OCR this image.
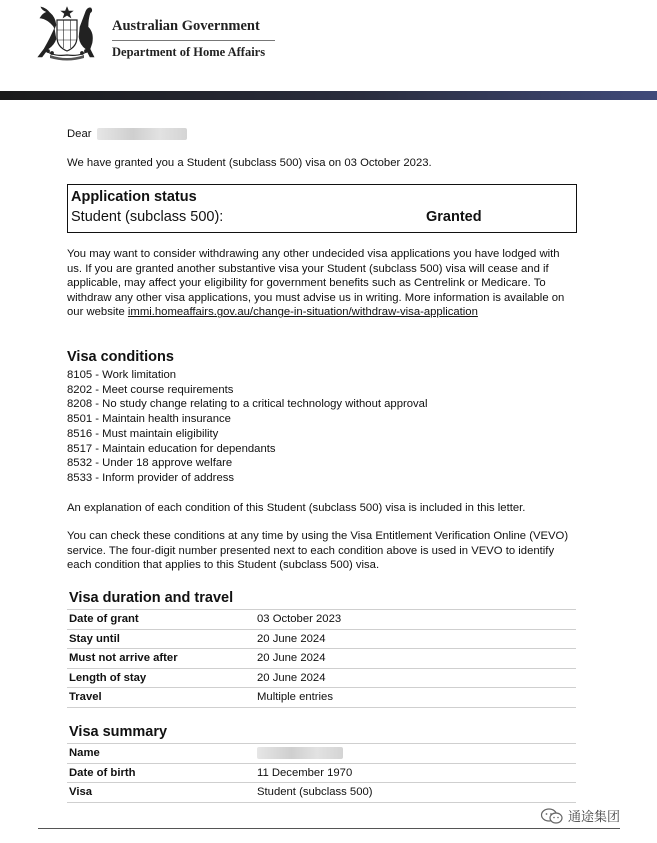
Australian Government
Department of Home Affairs
Dear
We have granted you a Student (subclass 500) visa on 03 October 2023.
Application status
Student (subclass 500):	Granted
You may want to consider withdrawing any other undecided visa applications you have lodged with us. If you are granted another substantive visa your Student (subclass 500) visa will cease and if applicable, may affect your eligibility for government benefits such as Centrelink or Medicare. To withdraw any other visa applications, you must advise us in writing. More information is available on our website immi.homeaffairs.gov.au/change-in-situation/withdraw-visa-application
Visa conditions
8105 - Work limitation
8202 - Meet course requirements
8208 - No study change relating to a critical technology without approval
8501 - Maintain health insurance
8516 - Must maintain eligibility
8517 - Maintain education for dependants
8532 - Under 18 approve welfare
8533 - Inform provider of address
An explanation of each condition of this Student (subclass 500) visa is included in this letter.
You can check these conditions at any time by using the Visa Entitlement Verification Online (VEVO) service. The four-digit number presented next to each condition above is used in VEVO to identify each condition that applies to this Student (subclass 500) visa.
Visa duration and travel
Date of grant	03 October 2023
Stay until	20 June 2024
Must not arrive after	20 June 2024
Length of stay	20 June 2024
Travel	Multiple entries
Visa summary
Name	
Date of birth	11 December 1970
Visa	Student (subclass 500)
通途集团
